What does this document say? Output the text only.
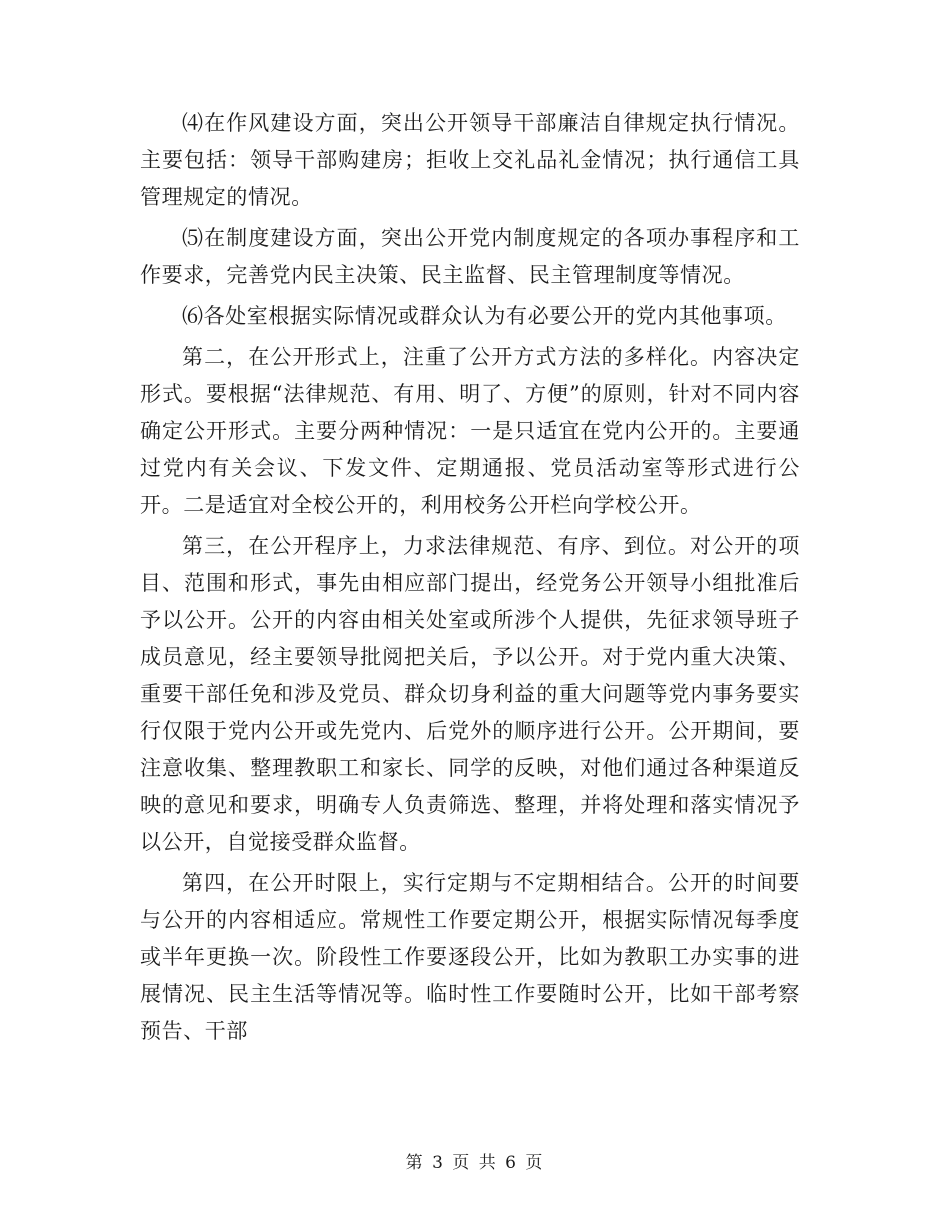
⑷在作风建设方面，突出公开领导干部廉洁自律规定执行情况。主要包括：领导干部购建房；拒收上交礼品礼金情况；执行通信工具管理规定的情况。

⑸在制度建设方面，突出公开党内制度规定的各项办事程序和工作要求，完善党内民主决策、民主监督、民主管理制度等情况。

⑹各处室根据实际情况或群众认为有必要公开的党内其他事项。

第二，在公开形式上，注重了公开方式方法的多样化。内容决定形式。要根据“法律规范、有用、明了、方便”的原则，针对不同内容确定公开形式。主要分两种情况：一是只适宜在党内公开的。主要通过党内有关会议、下发文件、定期通报、党员活动室等形式进行公开。二是适宜对全校公开的，利用校务公开栏向学校公开。

第三，在公开程序上，力求法律规范、有序、到位。对公开的项目、范围和形式，事先由相应部门提出，经党务公开领导小组批准后予以公开。公开的内容由相关处室或所涉个人提供，先征求领导班子成员意见，经主要领导批阅把关后，予以公开。对于党内重大决策、重要干部任免和涉及党员、群众切身利益的重大问题等党内事务要实行仅限于党内公开或先党内、后党外的顺序进行公开。公开期间，要注意收集、整理教职工和家长、同学的反映，对他们通过各种渠道反映的意见和要求，明确专人负责筛选、整理，并将处理和落实情况予以公开，自觉接受群众监督。

第四，在公开时限上，实行定期与不定期相结合。公开的时间要与公开的内容相适应。常规性工作要定期公开，根据实际情况每季度或半年更换一次。阶段性工作要逐段公开，比如为教职工办实事的进展情况、民主生活等情况等。临时性工作要随时公开，比如干部考察预告、干部

第 3 页 共 6 页
